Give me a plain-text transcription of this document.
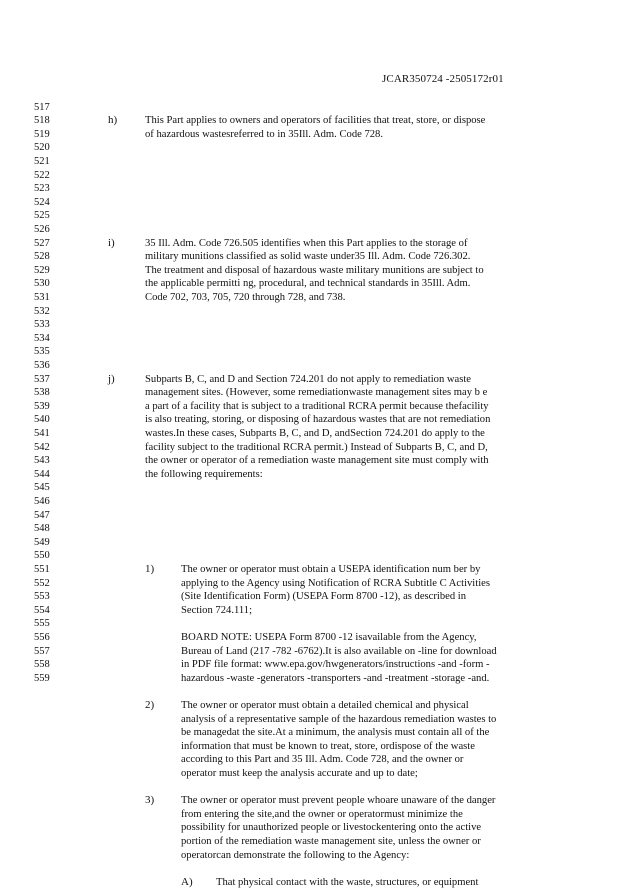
JCAR350724 -2505172r01
517
518
519
520
521
522
523
524
525
526
527
528
529
530
531
532
533
534
535
536
537
538
539
540
541
542
543
544
545
546
547
548
549
550
551
552
553
554
555
556
557
558
559
h)	This Part applies to owners and operators of facilities that treat, store, or dispose
of hazardous wastesreferred to in 35Ill. Adm. Code 728.
i)	35 Ill. Adm. Code 726.505 identifies when this Part applies to the storage of
military munitions classified as solid waste under35 Ill. Adm. Code 726.302.
The treatment and disposal of hazardous waste military munitions are subject to
the applicable permitti ng, procedural, and technical standards in 35Ill. Adm.
Code 702, 703, 705, 720 through 728, and 738.
j)	Subparts B, C, and D and Section 724.201 do not apply to remediation waste
management sites. (However, some remediationwaste management sites may b e
a part of a facility that is subject to a traditional RCRA permit because thefacility
is also treating, storing, or disposing of hazardous wastes that are not remediation
wastes.In these cases, Subparts B, C, and D, andSection 724.201 do apply to the
facility subject to the traditional RCRA permit.) Instead of Subparts B, C, and D,
the owner or operator of a remediation waste management site must comply with
the following requirements:
1)	The owner or operator must obtain a USEPA identification num ber by
applying to the Agency using Notification of RCRA Subtitle C Activities
(Site Identification Form) (USEPA Form 8700 -12), as described in
Section 724.111;
BOARD NOTE: USEPA Form 8700 -12 isavailable from the Agency,
Bureau of Land (217 -782 -6762).It is also available on -line for download
in PDF file format: www.epa.gov/hwgenerators/instructions -and -form -
hazardous -waste -generators -transporters -and -treatment -storage -and.
2)	The owner or operator must obtain a detailed chemical and physical
analysis of a representative sample of the hazardous remediation wastes to
be managedat the site.At a minimum, the analysis must contain all of the
information that must be known to treat, store, ordispose of the waste
according to this Part and 35 Ill. Adm. Code 728, and the owner or
operator must keep the analysis accurate and up to date;
3)	The owner or operator must prevent people whoare unaware of the danger
from entering the site,and the owner or operatormust minimize the
possibility for unauthorized people or livestockentering onto the active
portion of the remediation waste management site, unless the owner or
operatorcan demonstrate the following to the Agency:
A) That physical contact with the waste, structures, or equipment
